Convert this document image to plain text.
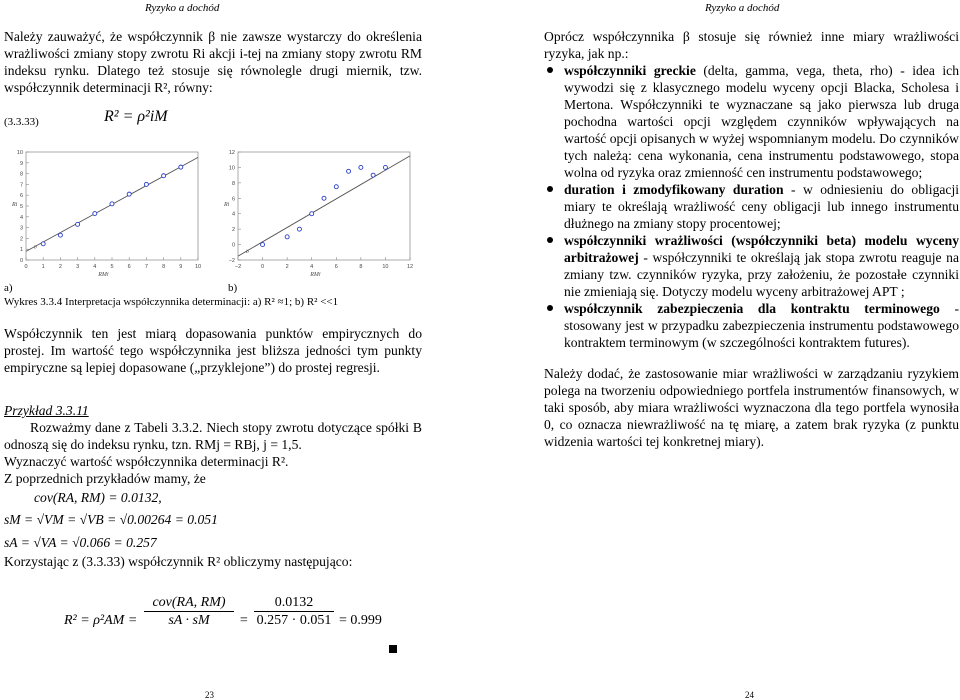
Ryzyko a dochód	Ryzyko a dochód

Należy zauważyć, że współczynnik β nie zawsze wystarczy do określenia wrażliwości zmiany stopy zwrotu Ri akcji i-tej na zmiany stopy zwrotu RM indeksu rynku. Dlatego też stosuje się równolegle drugi miernik, tzw. współczynnik determinacji R², równy:

(3.3.33)	R² = ρ²iM
0	1	2	3	4	5	6	7	8	9 10
0
1
2
3
4
5
6
7
8
9
10
Ri
RMj
b
−2	0	2	4	6	8	10	12
−2
0
2
4
6
8
10
12
Ri
RMj
b
a)	b)

Wykres 3.3.4 Interpretacja współczynnika determinacji: a) R² ≈1; b) R² <<1

Współczynnik ten jest miarą dopasowania punktów empirycznych do prostej. Im wartość tego współczynnika jest bliższa jedności tym punkty empiryczne są lepiej dopasowane („przyklejone”) do prostej regresji.

Przykład 3.3.11

Rozważmy dane z Tabeli 3.3.2. Niech stopy zwrotu dotyczące spółki B odnoszą się do indeksu rynku, tzn. RMj = RBj, j = 1,5.

Wyznaczyć wartość współczynnika determinacji R².

Z poprzednich przykładów mamy, że

cov(RA, RM) = 0.0132,

sM = √VM = √VB = √0.00264 = 0.051

sA = √VA = √0.066 = 0.257

Korzystając z (3.3.33) współczynnik R² obliczymy następująco:

R² = ρ²AM =
cov(RA, RM)
sA · sM	= $\frac{0.0132}{0.257 \cdot 0.051} = 0.999$
23

Oprócz współczynnika β stosuje się również inne miary wrażliwości ryzyka, jak np.:

współczynniki greckie (delta, gamma, vega, theta, rho) - idea ich wywodzi się z klasycznego modelu wyceny opcji Blacka, Scholesa i Mertona. Współczynniki te wyznaczane są jako pierwsza lub druga pochodna wartości opcji względem czynników wpływających na wartość opcji opisanych w wyżej wspomnianym modelu. Do czynników tych należą: cena wykonania, cena instrumentu podstawowego, stopa wolna od ryzyka oraz zmienność cen instrumentu podstawowego;
duration i zmodyfikowany duration - w odniesieniu do obligacji miary te określają wrażliwość ceny obligacji lub innego instrumentu dłużnego na zmiany stopy procentowej;
współczynniki wrażliwości (współczynniki beta) modelu wyceny arbitrażowej - współczynniki te określają jak stopa zwrotu reaguje na zmiany tzw. czynników ryzyka, przy założeniu, że pozostałe czynniki nie zmieniają się. Dotyczy modelu wyceny arbitrażowej APT ;
współczynnik zabezpieczenia dla kontraktu terminowego - stosowany jest w przypadku zabezpieczenia instrumentu podstawowego kontraktem terminowym (w szczególności kontraktem futures).

Należy dodać, że zastosowanie miar wrażliwości w zarządzaniu ryzykiem polega na tworzeniu odpowiedniego portfela instrumentów finansowych, w taki sposób, aby miara wrażliwości wyznaczona dla tego portfela wynosiła 0, co oznacza niewrażliwość na tę miarę, a zatem brak ryzyka (z punktu widzenia wartości tej konkretnej miary).

24
